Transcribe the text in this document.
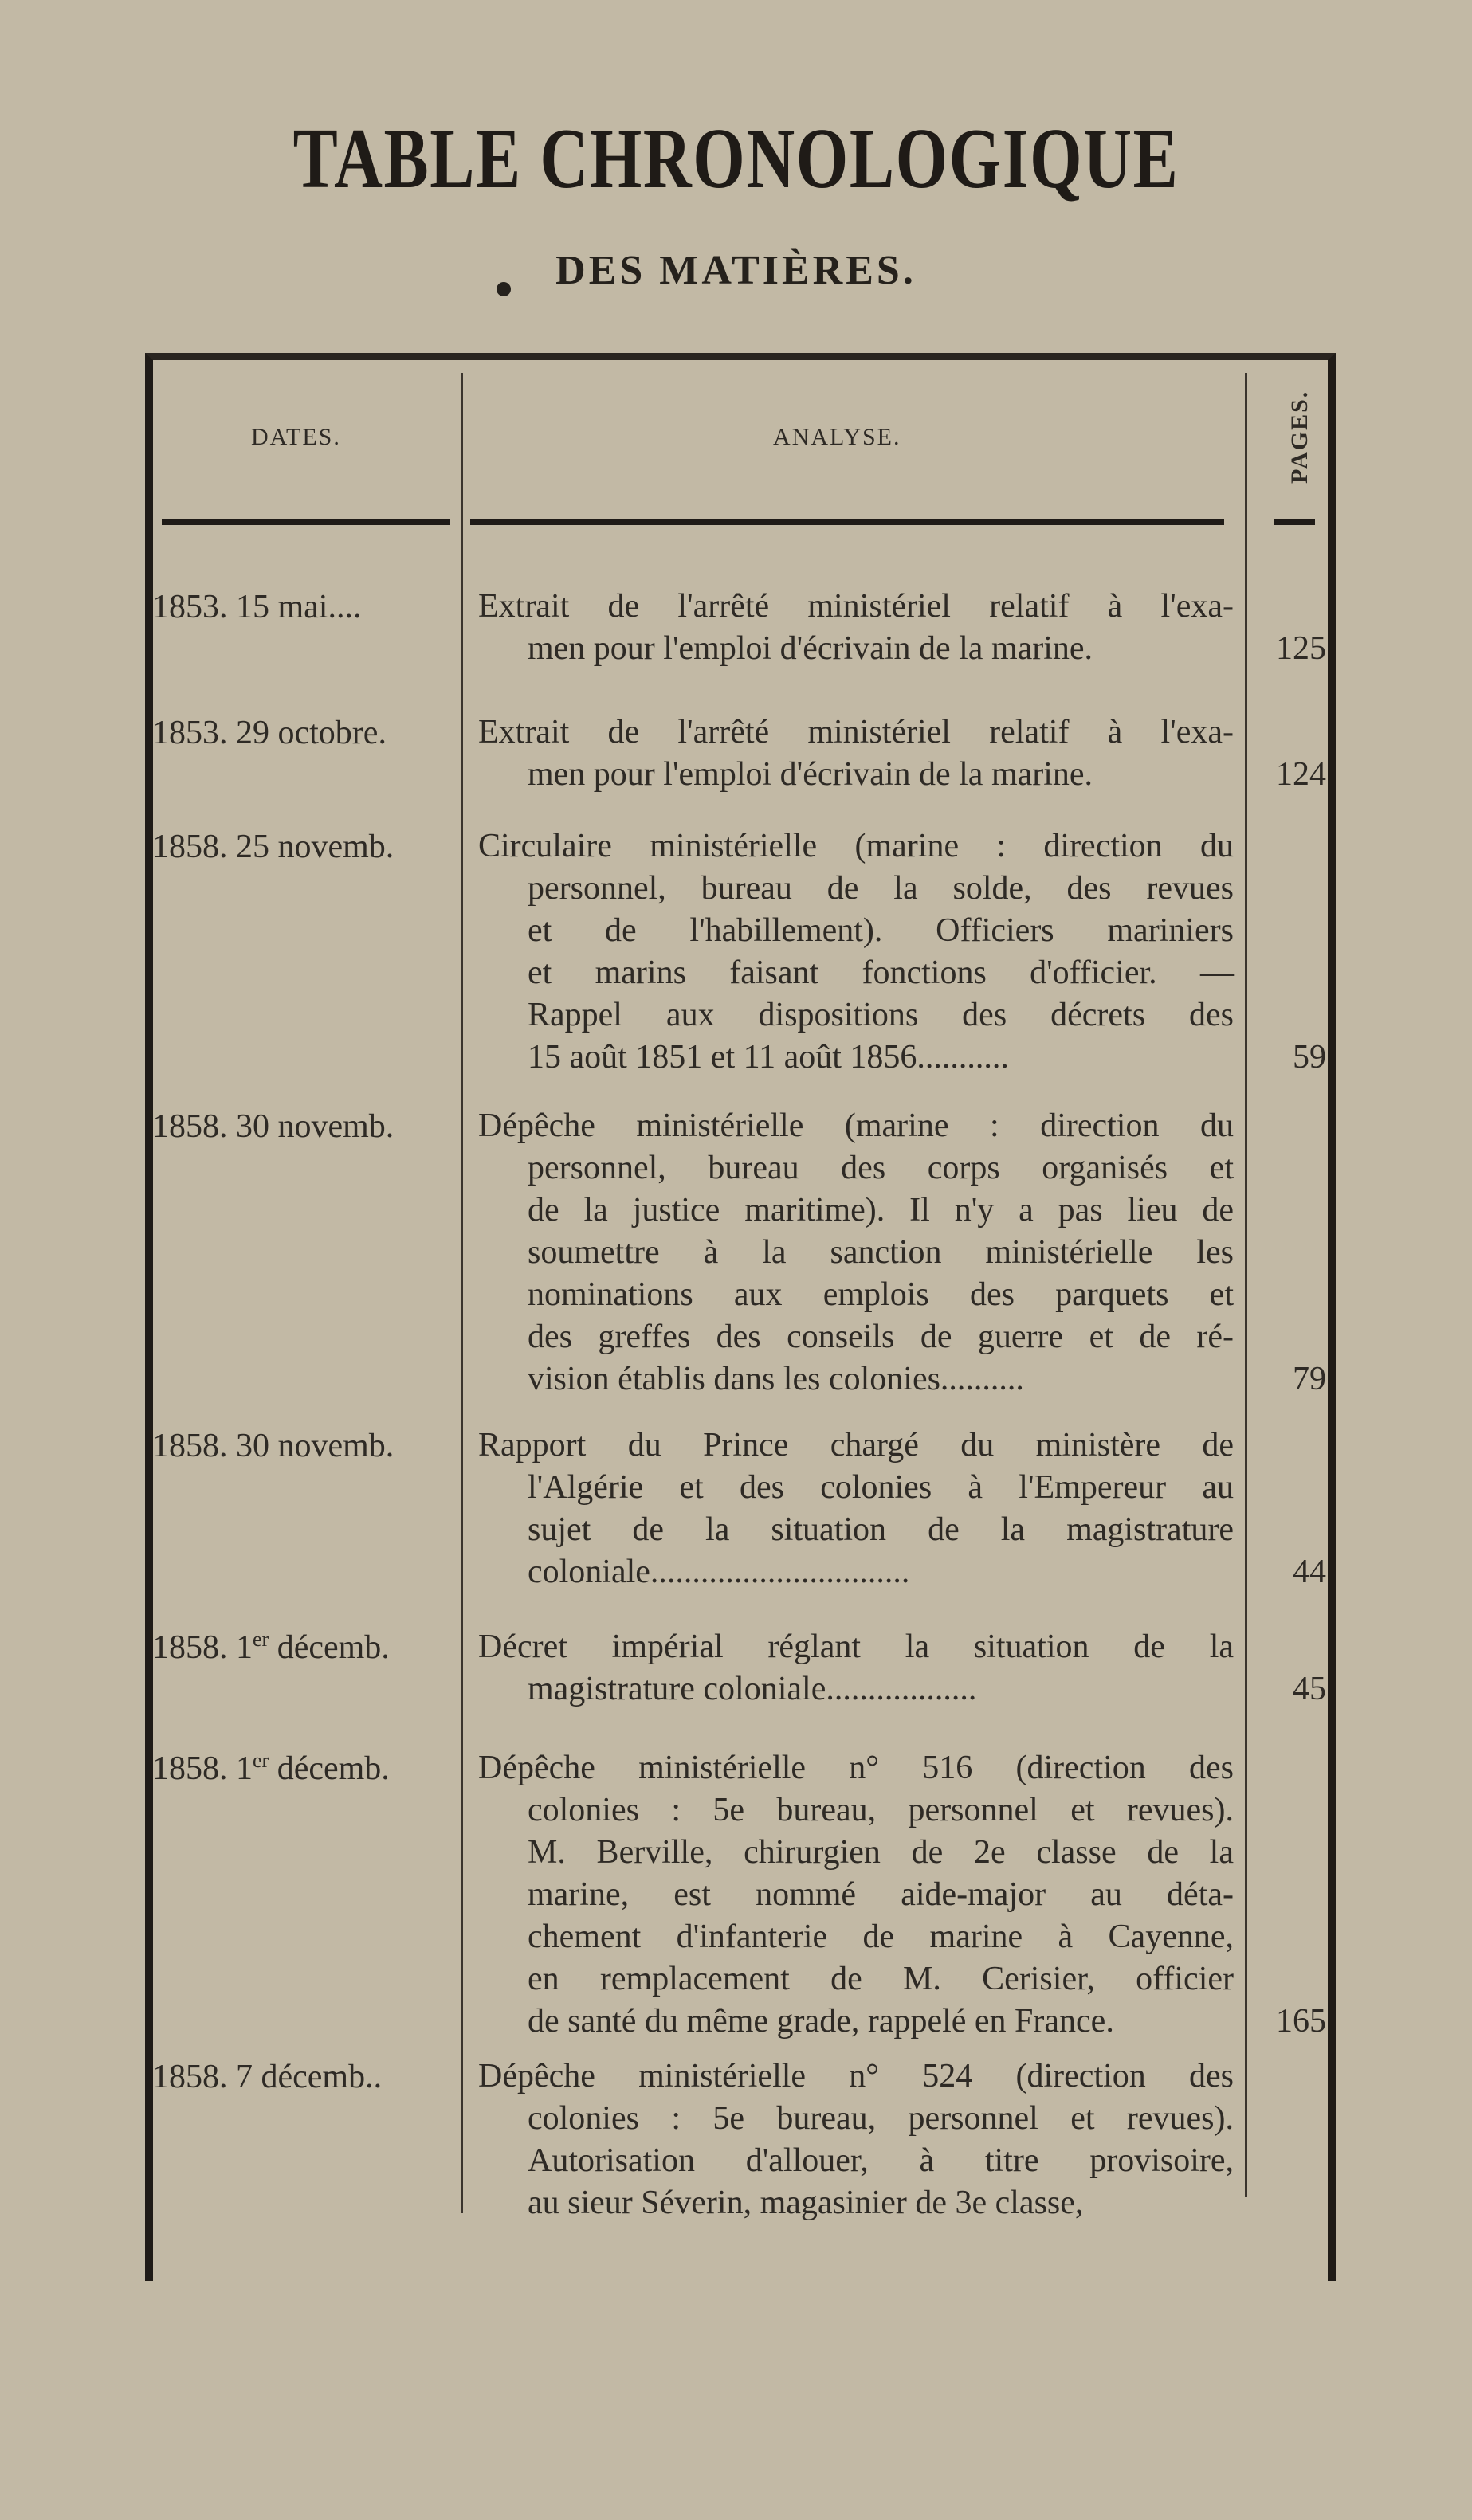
TABLE CHRONOLOGIQUE
DES MATIÈRES.
DATES.	ANALYSE.	PAGES.
1853. 15 mai....	Extrait de l'arrêté ministériel relatif à l'exa-
men pour l'emploi d'écrivain de la marine.	125
1853. 29 octobre.	Extrait de l'arrêté ministériel relatif à l'exa-
men pour l'emploi d'écrivain de la marine.	124
1858. 25 novemb.	Circulaire ministérielle (marine : direction du
personnel, bureau de la solde, des revues
et de l'habillement). Officiers mariniers
et marins faisant fonctions d'officier. —
Rappel aux dispositions des décrets des
15 août 1851 et 11 août 1856...........	59
1858. 30 novemb.	Dépêche ministérielle (marine : direction du
personnel, bureau des corps organisés et
de la justice maritime). Il n'y a pas lieu de
soumettre à la sanction ministérielle les
nominations aux emplois des parquets et
des greffes des conseils de guerre et de ré-
vision établis dans les colonies..........	79
1858. 30 novemb.	Rapport du Prince chargé du ministère de
l'Algérie et des colonies à l'Empereur au
sujet de la situation de la magistrature
coloniale...............................	44
1858. 1er décemb.	Décret impérial réglant la situation de la
magistrature coloniale..................	45
1858. 1er décemb.	Dépêche ministérielle n° 516 (direction des
colonies : 5e bureau, personnel et revues).
M. Berville, chirurgien de 2e classe de la
marine, est nommé aide-major au déta-
chement d'infanterie de marine à Cayenne,
en remplacement de M. Cerisier, officier
de santé du même grade, rappelé en France.	165
1858. 7 décemb..	Dépêche ministérielle n° 524 (direction des
colonies : 5e bureau, personnel et revues).
Autorisation d'allouer, à titre provisoire,
au sieur Séverin, magasinier de 3e classe,
